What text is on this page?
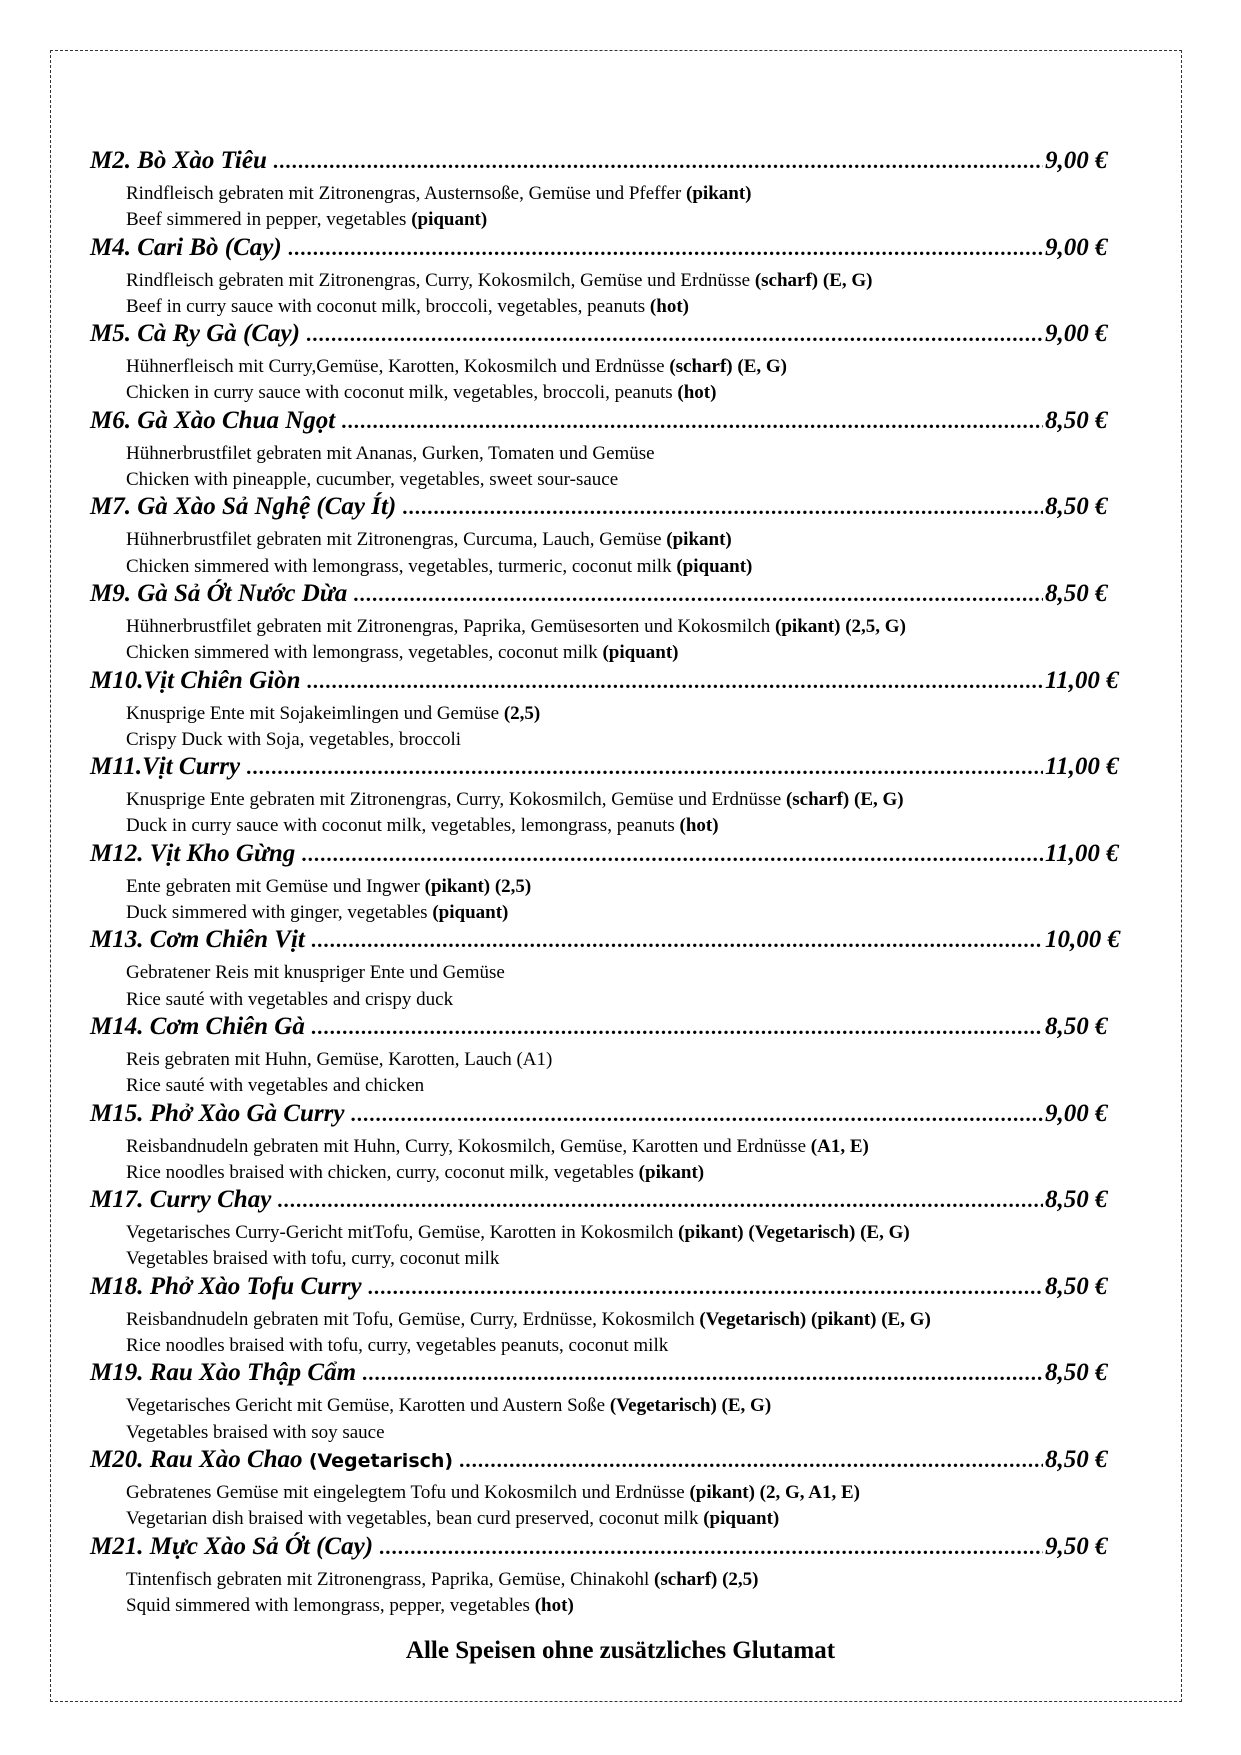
M2. Bò Xào Tiêu .....	9,00 €
Rindfleisch gebraten mit Zitronengras, Austernsoße, Gemüse und Pfeffer (pikant)
Beef simmered in pepper, vegetables (piquant)
M4. Cari Bò (Cay) .....	9,00 €
Rindfleisch gebraten mit Zitronengras, Curry, Kokosmilch, Gemüse und Erdnüsse (scharf) (E, G)
Beef in curry sauce with coconut milk, broccoli, vegetables, peanuts (hot)
M5. Cà Ry Gà (Cay) .....	9,00 €
Hühnerfleisch mit Curry,Gemüse, Karotten, Kokosmilch und Erdnüsse (scharf) (E, G)
Chicken in curry sauce with coconut milk, vegetables, broccoli, peanuts (hot)
M6. Gà Xào Chua Ngọt .....	8,50 €
Hühnerbrustfilet gebraten mit Ananas, Gurken, Tomaten und Gemüse
Chicken with pineapple, cucumber, vegetables, sweet sour-sauce
M7. Gà Xào Sả Nghệ (Cay Ít) .....	8,50 €
Hühnerbrustfilet gebraten mit Zitronengras, Curcuma, Lauch, Gemüse (pikant)
Chicken simmered with lemongrass, vegetables, turmeric, coconut milk (piquant)
M9. Gà Sả Ớt Nước Dừa .....	8,50 €
Hühnerbrustfilet gebraten mit Zitronengras, Paprika, Gemüsesorten und Kokosmilch (pikant) (2,5, G)
Chicken simmered with lemongrass, vegetables, coconut milk (piquant)
M10.Vịt Chiên Giòn .....	11,00 €
Knusprige Ente mit Sojakeimlingen und Gemüse (2,5)
Crispy Duck with Soja, vegetables, broccoli
M11.Vịt Curry .....	11,00 €
Knusprige Ente gebraten mit Zitronengras, Curry, Kokosmilch, Gemüse und Erdnüsse (scharf) (E, G)
Duck in curry sauce with coconut milk, vegetables, lemongrass, peanuts (hot)
M12. Vịt Kho Gừng .....	11,00 €
Ente gebraten mit Gemüse und Ingwer (pikant) (2,5)
Duck simmered with ginger, vegetables (piquant)
M13. Cơm Chiên Vịt .....	10,00 €
Gebratener Reis mit knuspriger Ente und Gemüse
Rice sauté with vegetables and crispy duck
M14. Cơm Chiên Gà .....	8,50 €
Reis gebraten mit Huhn, Gemüse, Karotten, Lauch (A1)
Rice sauté with vegetables and chicken
M15. Phở Xào Gà Curry .....	9,00 €
Reisbandnudeln gebraten mit Huhn, Curry, Kokosmilch, Gemüse, Karotten und Erdnüsse (A1, E)
Rice noodles braised with chicken, curry, coconut milk, vegetables (pikant)
M17. Curry Chay .....	8,50 €
Vegetarisches Curry-Gericht mitTofu, Gemüse, Karotten in Kokosmilch (pikant) (Vegetarisch) (E, G)
Vegetables braised with tofu, curry, coconut milk
M18. Phở Xào Tofu Curry .....	8,50 €
Reisbandnudeln gebraten mit Tofu, Gemüse, Curry, Erdnüsse, Kokosmilch (Vegetarisch) (pikant) (E, G)
Rice noodles braised with tofu, curry, vegetables peanuts, coconut milk
M19. Rau Xào Thập Cẩm .....	8,50 €
Vegetarisches Gericht mit Gemüse, Karotten und Austern Soße (Vegetarisch) (E, G)
Vegetables braised with soy sauce
M20. Rau Xào Chao (Vegetarisch) .....	8,50 €
Gebratenes Gemüse mit eingelegtem Tofu und Kokosmilch und Erdnüsse (pikant) (2, G, A1, E)
Vegetarian dish braised with vegetables, bean curd preserved, coconut milk (piquant)
M21. Mực Xào Sả Ớt (Cay) .....	9,50 €
Tintenfisch gebraten mit Zitronengrass, Paprika, Gemüse, Chinakohl (scharf) (2,5)
Squid simmered with lemongrass, pepper, vegetables (hot)
Alle Speisen ohne zusätzliches Glutamat
